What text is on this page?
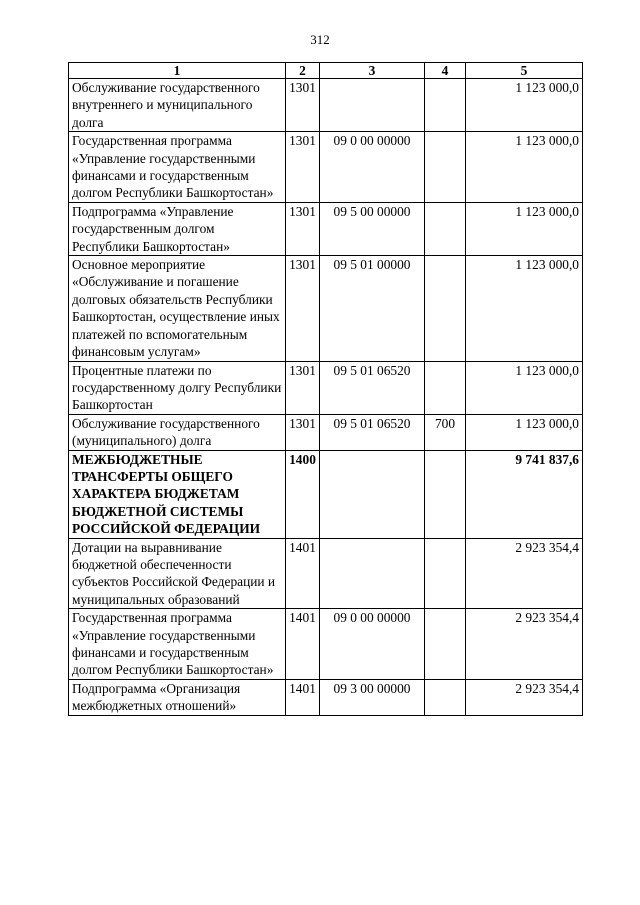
312
1	2	3	4	5
Обслуживание государственного внутреннего и муниципального долга	1301			1 123 000,0
Государственная программа «Управление государственными финансами и государственным долгом Республики Башкортостан»	1301	09 0 00 00000		1 123 000,0
Подпрограмма «Управление государственным долгом Республики Башкортостан»	1301	09 5 00 00000		1 123 000,0
Основное мероприятие «Обслуживание и погашение долговых обязательств Республики Башкортостан, осуществление иных платежей по вспомогательным финансовым услугам»	1301	09 5 01 00000		1 123 000,0
Процентные платежи по государственному долгу Республики Башкортостан	1301	09 5 01 06520		1 123 000,0
Обслуживание государственного (муниципального) долга	1301	09 5 01 06520	700	1 123 000,0
МЕЖБЮДЖЕТНЫЕ ТРАНСФЕРТЫ ОБЩЕГО ХАРАКТЕРА БЮДЖЕТАМ БЮДЖЕТНОЙ СИСТЕМЫ РОССИЙСКОЙ ФЕДЕРАЦИИ	1400			9 741 837,6
Дотации на выравнивание бюджетной обеспеченности субъектов Российской Федерации и муниципальных образований	1401			2 923 354,4
Государственная программа «Управление государственными финансами и государственным долгом Республики Башкортостан»	1401	09 0 00 00000		2 923 354,4
Подпрограмма «Организация межбюджетных отношений»	1401	09 3 00 00000		2 923 354,4
